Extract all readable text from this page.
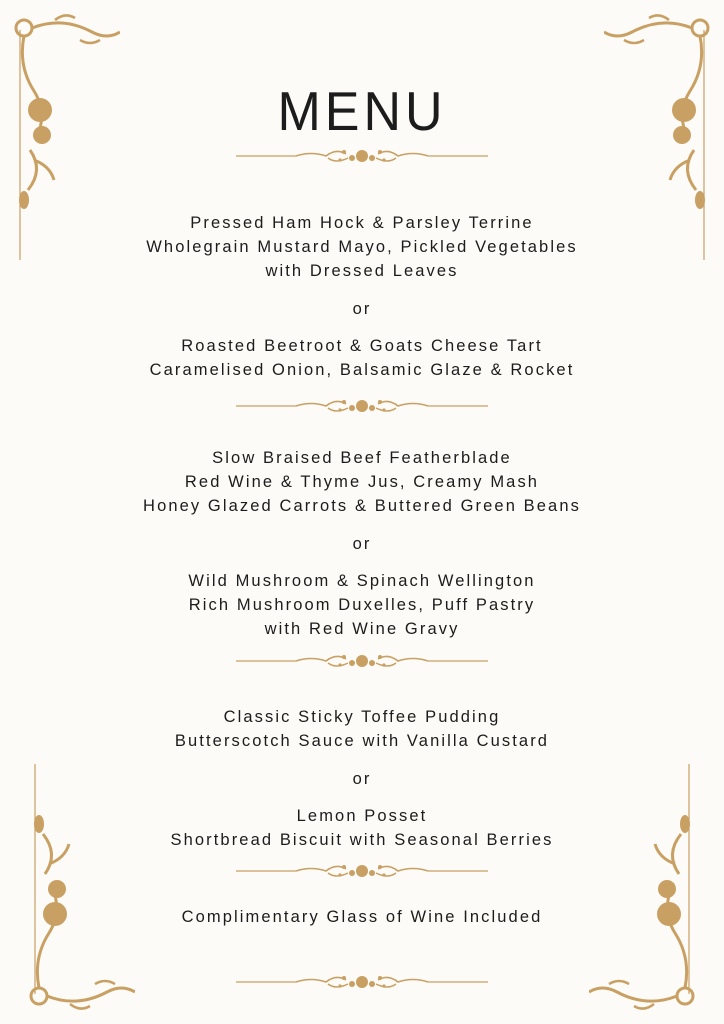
MENU
Pressed Ham Hock & Parsley Terrine
Wholegrain Mustard Mayo, Pickled Vegetables
with Dressed Leaves
or
Roasted Beetroot & Goats Cheese Tart
Caramelised Onion, Balsamic Glaze & Rocket
Slow Braised Beef Featherblade
Red Wine & Thyme Jus, Creamy Mash
Honey Glazed Carrots & Buttered Green Beans
or
Wild Mushroom & Spinach Wellington
Rich Mushroom Duxelles, Puff Pastry
with Red Wine Gravy
Classic Sticky Toffee Pudding
Butterscotch Sauce with Vanilla Custard
or
Lemon Posset
Shortbread Biscuit with Seasonal Berries
Complimentary Glass of Wine Included
